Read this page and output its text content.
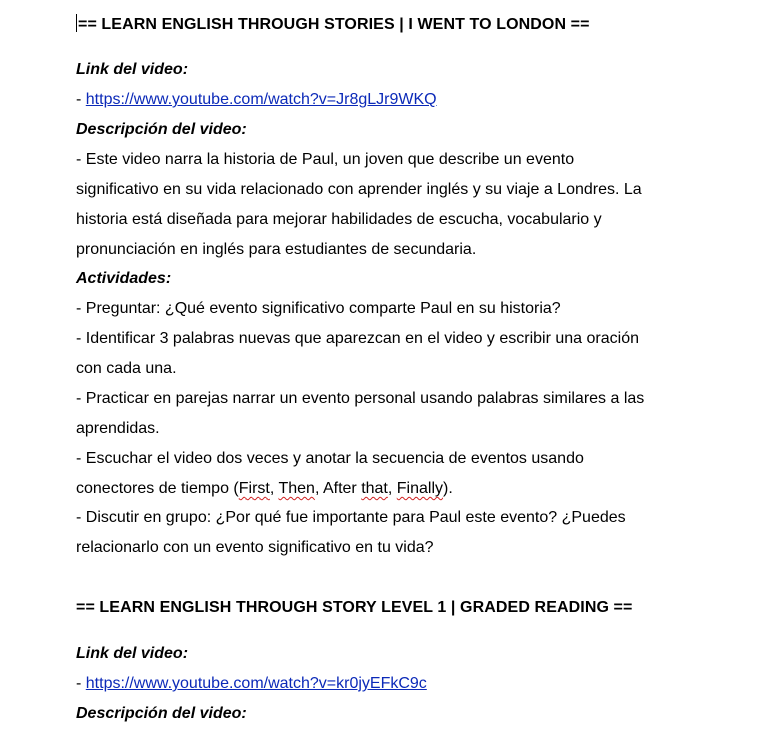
== LEARN ENGLISH THROUGH STORIES | I WENT TO LONDON ==
Link del video:
- https://www.youtube.com/watch?v=Jr8gLJr9WKQ
Descripción del video:
- Este video narra la historia de Paul, un joven que describe un evento
significativo en su vida relacionado con aprender inglés y su viaje a Londres. La
historia está diseñada para mejorar habilidades de escucha, vocabulario y
pronunciación en inglés para estudiantes de secundaria.
Actividades:
- Preguntar: ¿Qué evento significativo comparte Paul en su historia?
- Identificar 3 palabras nuevas que aparezcan en el video y escribir una oración
con cada una.
- Practicar en parejas narrar un evento personal usando palabras similares a las
aprendidas.
- Escuchar el video dos veces y anotar la secuencia de eventos usando
conectores de tiempo (First, Then, After that, Finally).
- Discutir en grupo: ¿Por qué fue importante para Paul este evento? ¿Puedes
relacionarlo con un evento significativo en tu vida?
== LEARN ENGLISH THROUGH STORY LEVEL 1 | GRADED READING ==
Link del video:
- https://www.youtube.com/watch?v=kr0jyEFkC9c
Descripción del video:
